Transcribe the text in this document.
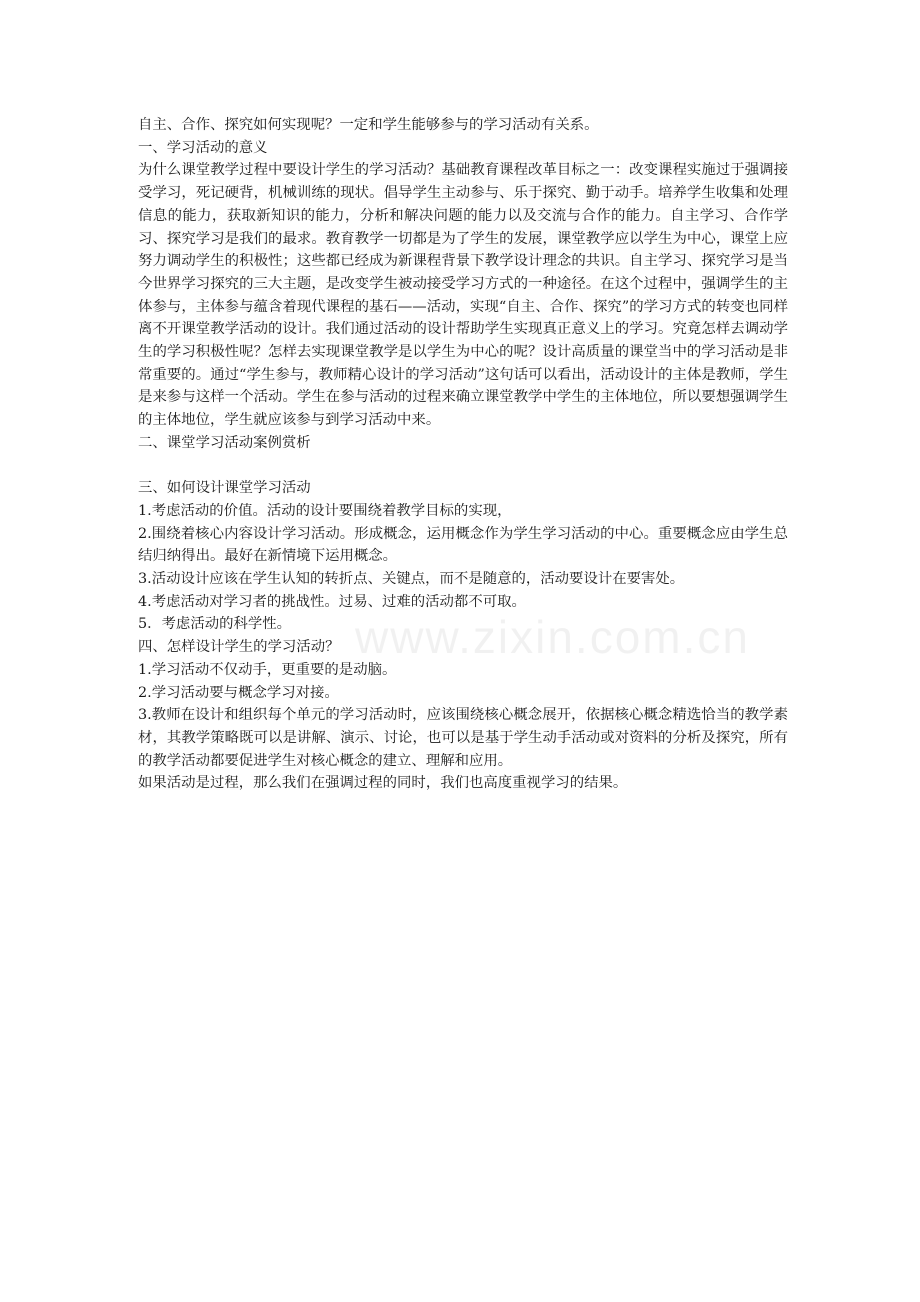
自主、合作、探究如何实现呢？一定和学生能够参与的学习活动有关系。

一、学习活动的意义

为什么课堂教学过程中要设计学生的学习活动？基础教育课程改革目标之一：改变课程实施过于强调接受学习，死记硬背，机械训练的现状。倡导学生主动参与、乐于探究、勤于动手。培养学生收集和处理信息的能力，获取新知识的能力，分析和解决问题的能力以及交流与合作的能力。自主学习、合作学习、探究学习是我们的最求。教育教学一切都是为了学生的发展，课堂教学应以学生为中心，课堂上应努力调动学生的积极性；这些都已经成为新课程背景下教学设计理念的共识。自主学习、探究学习是当今世界学习探究的三大主题，是改变学生被动接受学习方式的一种途径。在这个过程中，强调学生的主体参与，主体参与蕴含着现代课程的基石——活动，实现“自主、合作、探究”的学习方式的转变也同样离不开课堂教学活动的设计。我们通过活动的设计帮助学生实现真正意义上的学习。究竟怎样去调动学生的学习积极性呢？怎样去实现课堂教学是以学生为中心的呢？设计高质量的课堂当中的学习活动是非常重要的。通过“学生参与，教师精心设计的学习活动”这句话可以看出，活动设计的主体是教师，学生是来参与这样一个活动。学生在参与活动的过程来确立课堂教学中学生的主体地位，所以要想强调学生的主体地位，学生就应该参与到学习活动中来。

二、课堂学习活动案例赏析

三、如何设计课堂学习活动

1.考虑活动的价值。活动的设计要围绕着教学目标的实现，

2.围绕着核心内容设计学习活动。形成概念，运用概念作为学生学习活动的中心。重要概念应由学生总结归纳得出。最好在新情境下运用概念。

3.活动设计应该在学生认知的转折点、关键点，而不是随意的，活动要设计在要害处。

4.考虑活动对学习者的挑战性。过易、过难的活动都不可取。

5．考虑活动的科学性。

四、怎样设计学生的学习活动？

1.学习活动不仅动手，更重要的是动脑。

2.学习活动要与概念学习对接。

3.教师在设计和组织每个单元的学习活动时，应该围绕核心概念展开，依据核心概念精选恰当的教学素材，其教学策略既可以是讲解、演示、讨论，也可以是基于学生动手活动或对资料的分析及探究，所有的教学活动都要促进学生对核心概念的建立、理解和应用。

如果活动是过程，那么我们在强调过程的同时，我们也高度重视学习的结果。

www.zixin.com.cn
